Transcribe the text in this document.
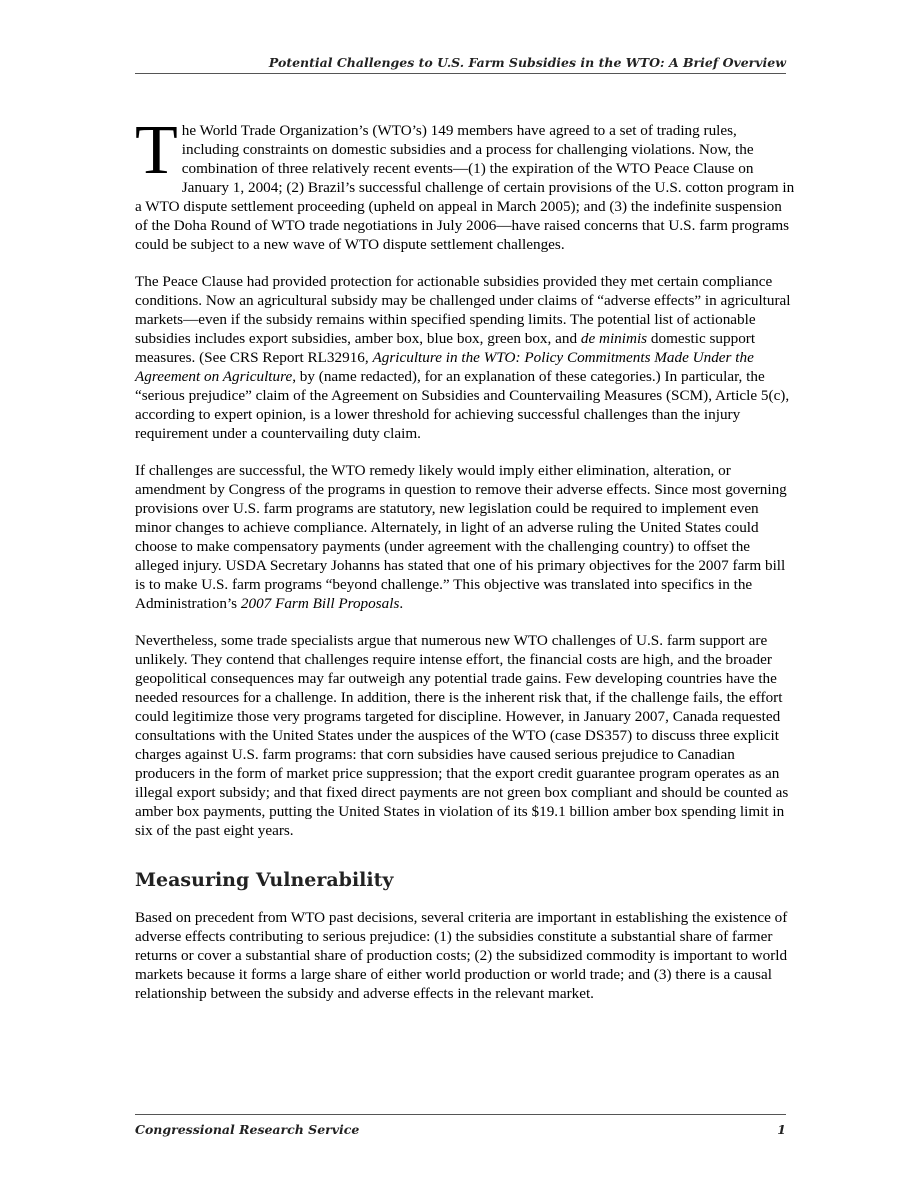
Potential Challenges to U.S. Farm Subsidies in the WTO: A Brief Overview

The World Trade Organization’s (WTO’s) 149 members have agreed to a set of trading rules, including constraints on domestic subsidies and a process for challenging violations. Now, the combination of three relatively recent events—(1) the expiration of the WTO Peace Clause on January 1, 2004; (2) Brazil’s successful challenge of certain provisions of the U.S. cotton program in a WTO dispute settlement proceeding (upheld on appeal in March 2005); and (3) the indefinite suspension of the Doha Round of WTO trade negotiations in July 2006—have raised concerns that U.S. farm programs could be subject to a new wave of WTO dispute settlement challenges.

The Peace Clause had provided protection for actionable subsidies provided they met certain compliance conditions. Now an agricultural subsidy may be challenged under claims of “adverse effects” in agricultural markets—even if the subsidy remains within specified spending limits. The potential list of actionable subsidies includes export subsidies, amber box, blue box, green box, and de minimis domestic support measures. (See CRS Report RL32916, Agriculture in the WTO: Policy Commitments Made Under the Agreement on Agriculture, by (name redacted), for an explanation of these categories.) In particular, the “serious prejudice” claim of the Agreement on Subsidies and Countervailing Measures (SCM), Article 5(c), according to expert opinion, is a lower threshold for achieving successful challenges than the injury requirement under a countervailing duty claim.

If challenges are successful, the WTO remedy likely would imply either elimination, alteration, or amendment by Congress of the programs in question to remove their adverse effects. Since most governing provisions over U.S. farm programs are statutory, new legislation could be required to implement even minor changes to achieve compliance. Alternately, in light of an adverse ruling the United States could choose to make compensatory payments (under agreement with the challenging country) to offset the alleged injury. USDA Secretary Johanns has stated that one of his primary objectives for the 2007 farm bill is to make U.S. farm programs “beyond challenge.” This objective was translated into specifics in the Administration’s 2007 Farm Bill Proposals.

Nevertheless, some trade specialists argue that numerous new WTO challenges of U.S. farm support are unlikely. They contend that challenges require intense effort, the financial costs are high, and the broader geopolitical consequences may far outweigh any potential trade gains. Few developing countries have the needed resources for a challenge. In addition, there is the inherent risk that, if the challenge fails, the effort could legitimize those very programs targeted for discipline. However, in January 2007, Canada requested consultations with the United States under the auspices of the WTO (case DS357) to discuss three explicit charges against U.S. farm programs: that corn subsidies have caused serious prejudice to Canadian producers in the form of market price suppression; that the export credit guarantee program operates as an illegal export subsidy; and that fixed direct payments are not green box compliant and should be counted as amber box payments, putting the United States in violation of its $19.1 billion amber box spending limit in six of the past eight years.

Measuring Vulnerability

Based on precedent from WTO past decisions, several criteria are important in establishing the existence of adverse effects contributing to serious prejudice: (1) the subsidies constitute a substantial share of farmer returns or cover a substantial share of production costs; (2) the subsidized commodity is important to world markets because it forms a large share of either world production or world trade; and (3) there is a causal relationship between the subsidy and adverse effects in the relevant market.

Congressional Research Service	1
